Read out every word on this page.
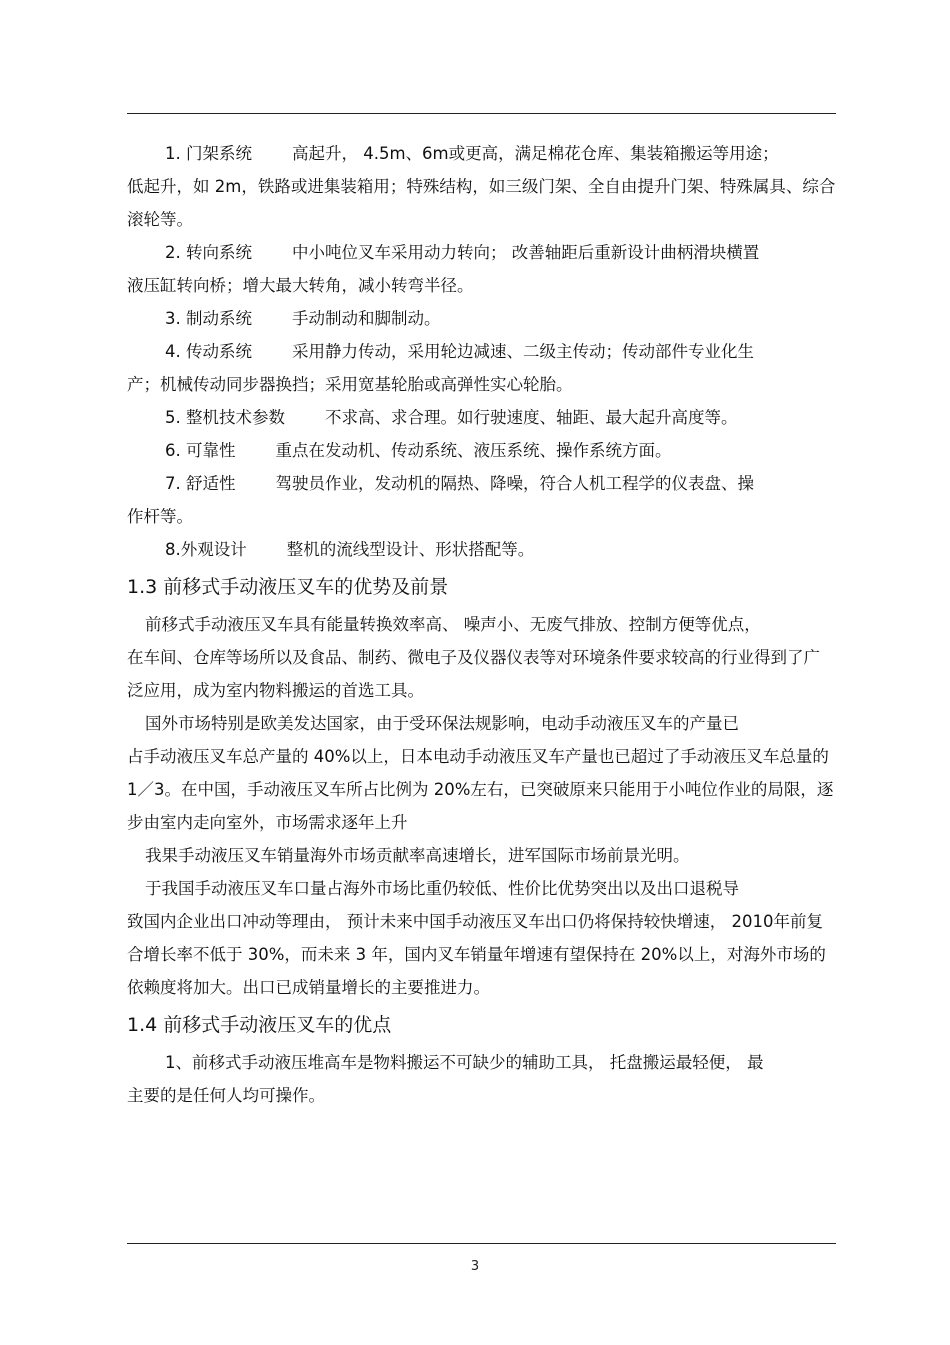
1. 门架系统 高起升， 4.5m、6m或更高，满足棉花仓库、集装箱搬运等用途；
低起升，如 2m，铁路或进集装箱用；特殊结构，如三级门架、全自由提升门架、特殊属具、综合滚轮等。

2. 转向系统 中小吨位叉车采用动力转向； 改善轴距后重新设计曲柄滑块横置
液压缸转向桥；增大最大转角，减小转弯半径。

3. 制动系统 手动制动和脚制动。

4. 传动系统 采用静力传动，采用轮边减速、二级主传动；传动部件专业化生
产；机械传动同步器换挡；采用宽基轮胎或高弹性实心轮胎。

5. 整机技术参数 不求高、求合理。如行驶速度、轴距、最大起升高度等。

6. 可靠性 重点在发动机、传动系统、液压系统、操作系统方面。

7. 舒适性 驾驶员作业，发动机的隔热、降噪，符合人机工程学的仪表盘、操
作杆等。

8.外观设计 整机的流线型设计、形状搭配等。

1.3 前移式手动液压叉车的优势及前景

前移式手动液压叉车具有能量转换效率高、 噪声小、无废气排放、控制方便等优点，
在车间、仓库等场所以及食品、制药、微电子及仪器仪表等对环境条件要求较高的行业得到了广泛应用，成为室内物料搬运的首选工具。

国外市场特别是欧美发达国家，由于受环保法规影响，电动手动液压叉车的产量已
占手动液压叉车总产量的 40%以上，日本电动手动液压叉车产量也已超过了手动液压叉车总量的 1／3。在中国，手动液压叉车所占比例为 20%左右，已突破原来只能用于小吨位作业的局限，逐步由室内走向室外，市场需求逐年上升

我果手动液压叉车销量海外市场贡献率高速增长，进军国际市场前景光明。

于我国手动液压叉车口量占海外市场比重仍较低、性价比优势突出以及出口退税导
致国内企业出口冲动等理由， 预计未来中国手动液压叉车出口仍将保持较快增速， 2010年前复合增长率不低于 30%，而未来 3 年，国内叉车销量年增速有望保持在 20%以上，对海外市场的依赖度将加大。出口已成销量增长的主要推进力。

1.4 前移式手动液压叉车的优点

1、前移式手动液压堆高车是物料搬运不可缺少的辅助工具， 托盘搬运最轻便， 最
主要的是任何人均可操作。

3
